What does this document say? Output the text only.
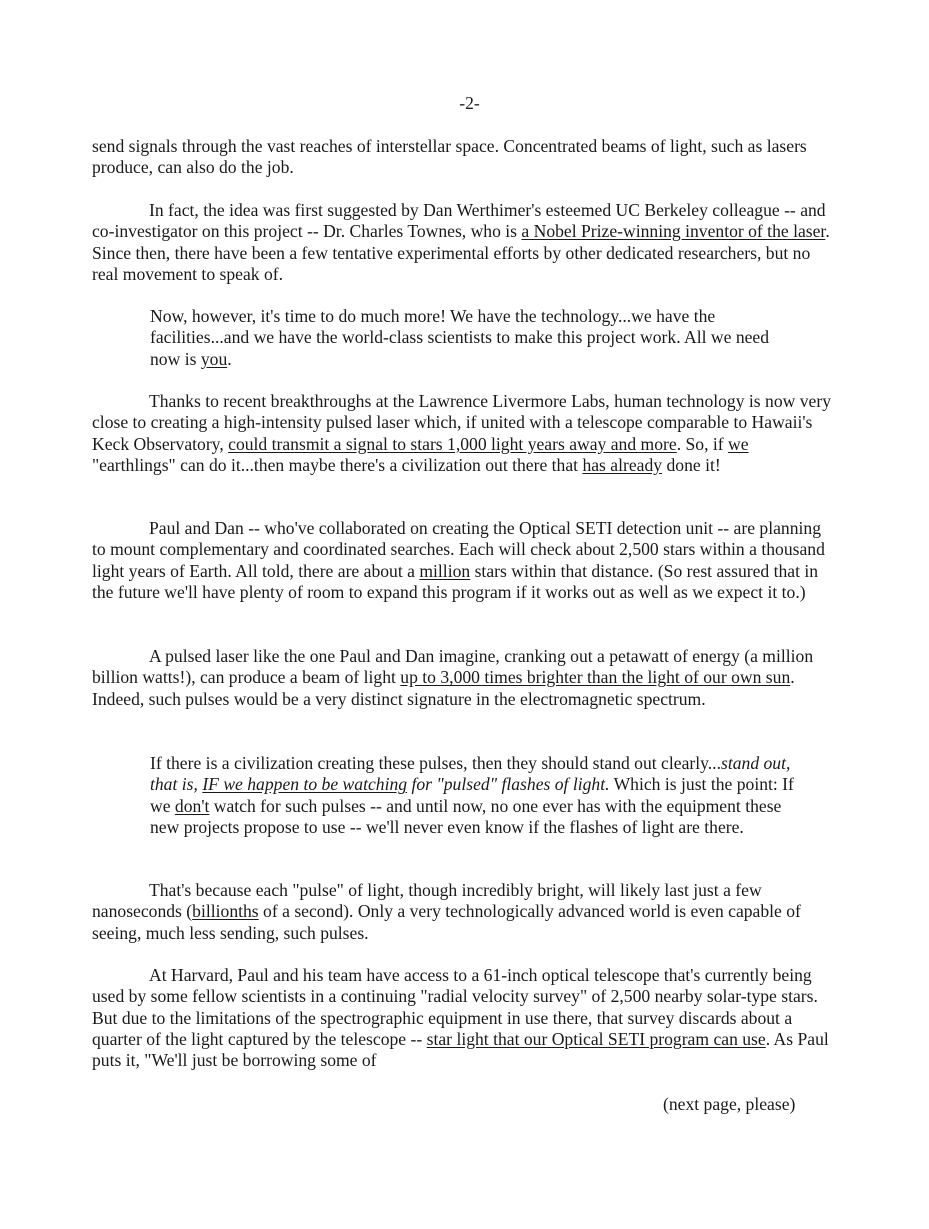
-2-

send signals through the vast reaches of interstellar space. Concentrated beams of light, such as lasers produce, can also do the job.

In fact, the idea was first suggested by Dan Werthimer's esteemed UC Berkeley colleague -- and co-investigator on this project -- Dr. Charles Townes, who is a Nobel Prize-winning inventor of the laser. Since then, there have been a few tentative experimental efforts by other dedicated researchers, but no real movement to speak of.

Now, however, it's time to do much more! We have the technology...we have the facilities...and we have the world-class scientists to make this project work. All we need now is you.

Thanks to recent breakthroughs at the Lawrence Livermore Labs, human technology is now very close to creating a high-intensity pulsed laser which, if united with a telescope comparable to Hawaii's Keck Observatory, could transmit a signal to stars 1,000 light years away and more. So, if we "earthlings" can do it...then maybe there's a civilization out there that has already done it!

Paul and Dan -- who've collaborated on creating the Optical SETI detection unit -- are planning to mount complementary and coordinated searches. Each will check about 2,500 stars within a thousand light years of Earth. All told, there are about a million stars within that distance. (So rest assured that in the future we'll have plenty of room to expand this program if it works out as well as we expect it to.)

A pulsed laser like the one Paul and Dan imagine, cranking out a petawatt of energy (a million billion watts!), can produce a beam of light up to 3,000 times brighter than the light of our own sun. Indeed, such pulses would be a very distinct signature in the electromagnetic spectrum.

If there is a civilization creating these pulses, then they should stand out clearly...stand out, that is, IF we happen to be watching for "pulsed" flashes of light. Which is just the point: If we don't watch for such pulses -- and until now, no one ever has with the equipment these new projects propose to use -- we'll never even know if the flashes of light are there.

That's because each "pulse" of light, though incredibly bright, will likely last just a few nanoseconds (billionths of a second). Only a very technologically advanced world is even capable of seeing, much less sending, such pulses.

At Harvard, Paul and his team have access to a 61-inch optical telescope that's currently being used by some fellow scientists in a continuing "radial velocity survey" of 2,500 nearby solar-type stars. But due to the limitations of the spectrographic equipment in use there, that survey discards about a quarter of the light captured by the telescope -- star light that our Optical SETI program can use. As Paul puts it, "We'll just be borrowing some of

(next page, please)
